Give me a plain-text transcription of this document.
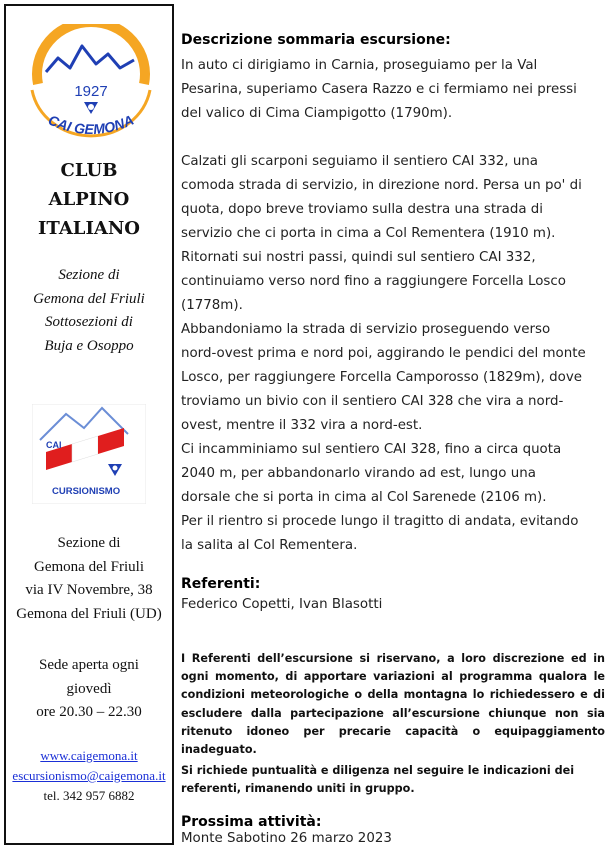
1927
CAI GEMONA
CLUB
ALPINO
ITALIANO
Sezione di
Gemona del Friuli
Sottosezioni di
Buja e Osoppo
CAI
CURSIONISMO
Sezione di
Gemona del Friuli
via IV Novembre, 38
Gemona del Friuli (UD)
Sede aperta ogni
giovedì
ore 20.30 – 22.30
www.caigemona.it
escursionismo@caigemona.it
tel. 342 957 6882
Descrizione sommaria escursione:

In auto ci dirigiamo in Carnia, proseguiamo per la Val

Pesarina, superiamo Casera Razzo e ci fermiamo nei pressi

del valico di Cima Ciampigotto (1790m).

Calzati gli scarponi seguiamo il sentiero CAI 332, una

comoda strada di servizio, in direzione nord. Persa un po' di

quota, dopo breve troviamo sulla destra una strada di

servizio che ci porta in cima a Col Rementera (1910 m).

Ritornati sui nostri passi, quindi sul sentiero CAI 332,

continuiamo verso nord fino a raggiungere Forcella Losco

(1778m).

Abbandoniamo la strada di servizio proseguendo verso

nord-ovest prima e nord poi, aggirando le pendici del monte

Losco, per raggiungere Forcella Camporosso (1829m), dove

troviamo un bivio con il sentiero CAI 328 che vira a nord-

ovest, mentre il 332 vira a nord-est.

Ci incamminiamo sul sentiero CAI 328, fino a circa quota

2040 m, per abbandonarlo virando ad est, lungo una

dorsale che si porta in cima al Col Sarenede (2106 m).

Per il rientro si procede lungo il tragitto di andata, evitando

la salita al Col Rementera.

Referenti:
Federico Copetti, Ivan Blasotti
I Referenti dell’escursione si riservano, a loro discrezione ed in ogni momento, di apportare variazioni al programma qualora le condizioni meteorologiche o della montagna lo richiedessero e di escludere dalla partecipazione all’escursione chiunque non sia ritenuto idoneo per precarie capacità o equipaggiamento inadeguato.
Si richiede puntualità e diligenza nel seguire le indicazioni dei referenti, rimanendo uniti in gruppo.
Prossima attività:
Monte Sabotino 26 marzo 2023
